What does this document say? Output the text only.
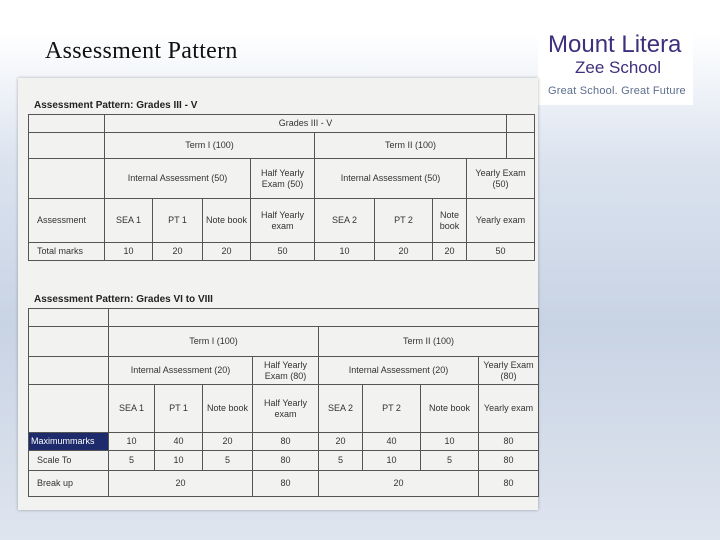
Assessment Pattern	Mount Litera
Zee School
Great School. Great Future
Assessment Pattern: Grades III - V
	Grades III - V								
	Term I (100)				Term II (100)				
	Internal Assessment (50)			Half Yearly Exam (50)	Internal Assessment (50)			Yearly Exam (50)	
Assessment	SEA 1	PT 1	Note book	Half Yearly exam	SEA 2	PT 2	Note book	Yearly exam	
Total marks	10	20	20	50	10	20	20	50	
Assessment Pattern: Grades VI to VIII

	Term I (100)				Term II (100)			
	Internal Assessment (20)			Half Yearly Exam (80)	Internal Assessment (20)			Yearly Exam (80)
	SEA 1	PT 1	Note book	Half Yearly exam	SEA 2	PT 2	Note book	Yearly exam
Maximummarks	10	40	20	80	20	40	10	80
Scale To	5	10	5	80	5	10	5	80
Break up	20			80	20			80
